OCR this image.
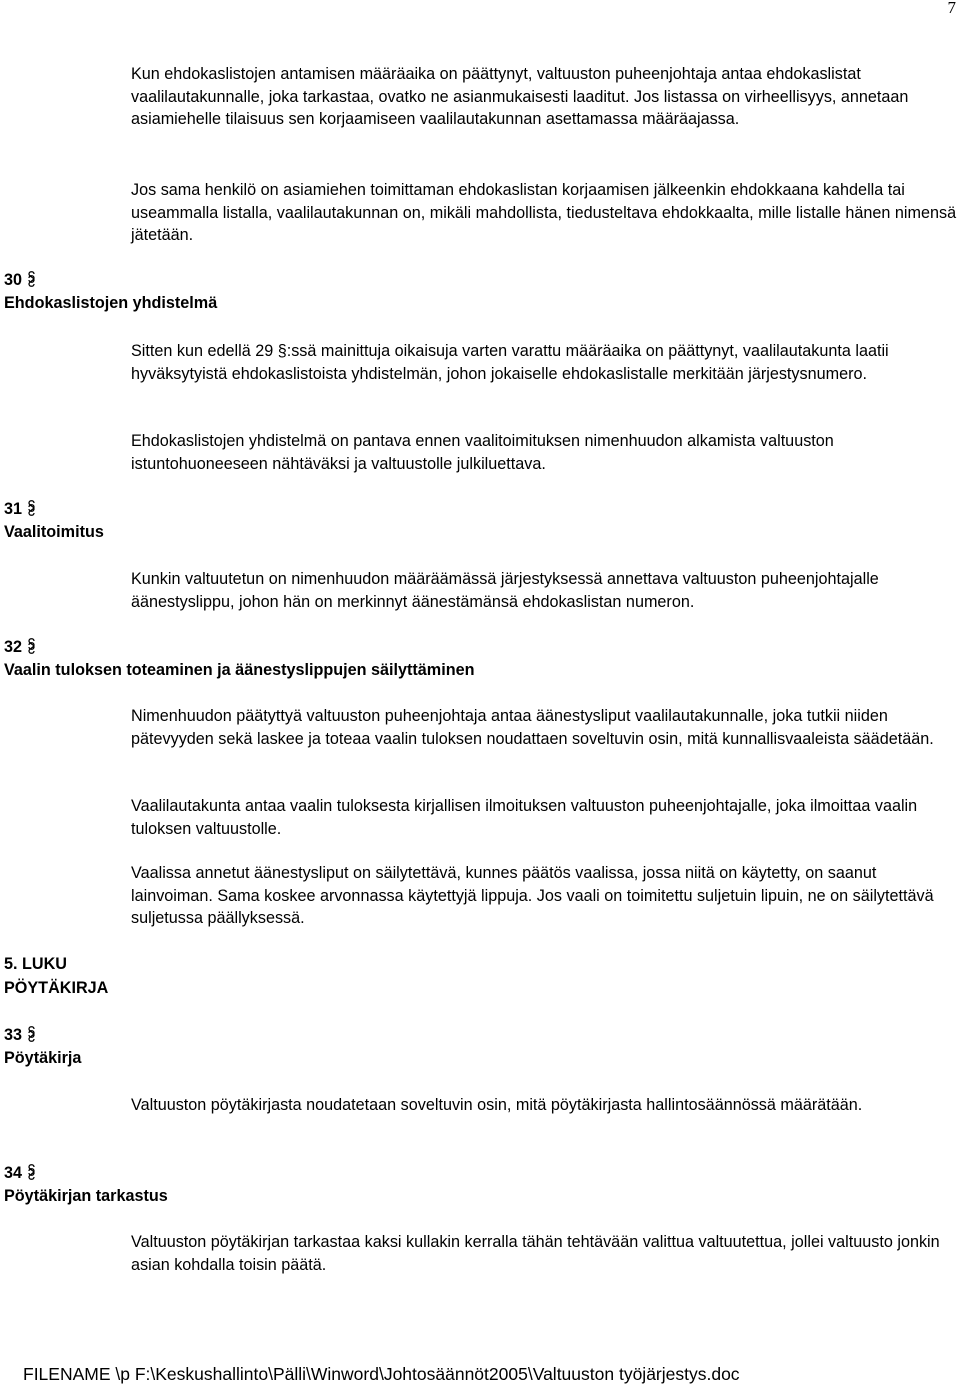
7
Kun ehdokaslistojen antamisen määräaika on päättynyt, valtuuston puheenjohtaja antaa ehdokaslistat vaalilautakunnalle, joka tarkastaa, ovatko ne asianmukaisesti laaditut. Jos listassa on virheellisyys, annetaan asiamiehelle tilaisuus sen korjaamiseen vaalilautakunnan asettamassa määräajassa.
Jos sama henkilö on asiamiehen toimittaman ehdokaslistan korjaamisen jälkeenkin ehdokkaana kahdella tai useammalla listalla, vaalilautakunnan on, mikäli mahdollista, tiedusteltava ehdokkaalta, mille listalle hänen nimensä jätetään.
30
Ehdokaslistojen yhdistelmä
Sitten kun edellä 29 §:ssä mainittuja oikaisuja varten varattu määräaika on päättynyt, vaalilautakunta laatii hyväksytyistä ehdokaslistoista yhdistelmän, johon jokaiselle ehdokaslistalle merkitään järjestysnumero.
Ehdokaslistojen yhdistelmä on pantava ennen vaalitoimituksen nimenhuudon alkamista valtuuston istuntohuoneeseen nähtäväksi ja valtuustolle julkiluettava.
31
Vaalitoimitus
Kunkin valtuutetun on nimenhuudon määräämässä järjestyksessä annettava valtuuston puheenjohtajalle äänestyslippu, johon hän on merkinnyt äänestämänsä ehdokaslistan numeron.
32
Vaalin tuloksen toteaminen ja äänestyslippujen säilyttäminen
Nimenhuudon päätyttyä valtuuston puheenjohtaja antaa äänestysliput vaalilautakunnalle, joka tutkii niiden pätevyyden sekä laskee ja toteaa vaalin tuloksen noudattaen soveltuvin osin, mitä kunnallisvaaleista säädetään.
Vaalilautakunta antaa vaalin tuloksesta kirjallisen ilmoituksen valtuuston puheenjohtajalle, joka ilmoittaa vaalin tuloksen valtuustolle.
Vaalissa annetut äänestysliput on säilytettävä, kunnes päätös vaalissa, jossa niitä on käytetty, on saanut lainvoiman. Sama koskee arvonnassa käytettyjä lippuja. Jos vaali on toimitettu suljetuin lipuin, ne on säilytettävä suljetussa päällyksessä.
5. LUKU
PÖYTÄKIRJA
33
Pöytäkirja
Valtuuston pöytäkirjasta noudatetaan soveltuvin osin, mitä pöytäkirjasta hallintosäännössä määrätään.
34
Pöytäkirjan tarkastus
Valtuuston pöytäkirjan tarkastaa kaksi kullakin kerralla tähän tehtävään valittua valtuutettua, jollei valtuusto jonkin asian kohdalla toisin päätä.
FILENAME \p F:\Keskushallinto\Pälli\Winword\Johtosäännöt2005\Valtuuston työjärjestys.doc
